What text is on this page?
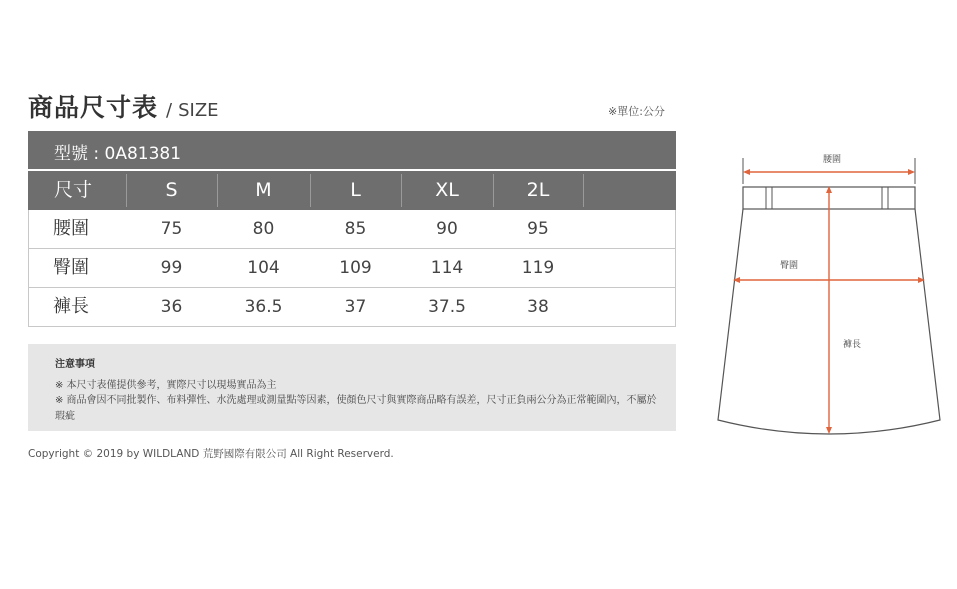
商品尺寸表 / SIZE	※單位:公分
型號 : 0A81381
尺寸	S	M	L	XL	2L
腰圍	75	80	85	90	95
臀圍	99	104	109	114	119
褲長	36	36.5	37	37.5	38
注意事項
※ 本尺寸表僅提供參考，實際尺寸以現場實品為主
※ 商品會因不同批製作、布料彈性、水洗處理或測量點等因素，使顏色尺寸與實際商品略有誤差，尺寸正負兩公分為正常範圍內，不屬於瑕疵
Copyright © 2019 by WILDLAND 荒野國際有限公司 All Right Reserverd.
腰圍
臀圍
褲長
